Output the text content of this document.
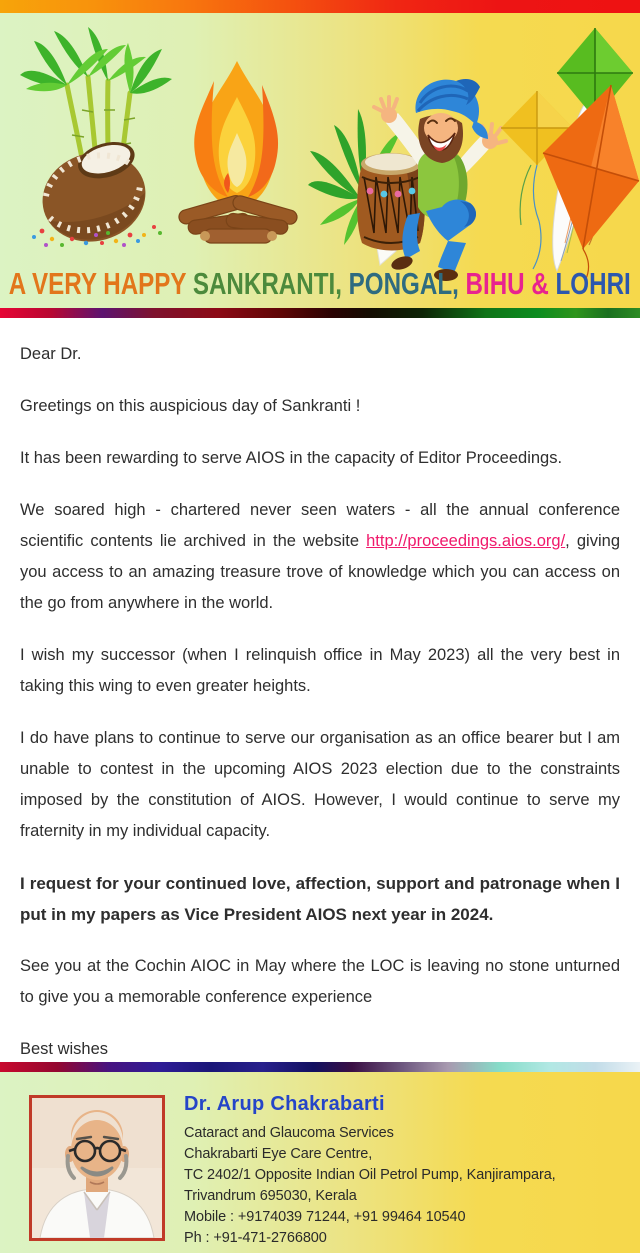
A VERY HAPPY SANKRANTI, PONGAL, BIHU & LOHRI

Dear Dr.

Greetings on this auspicious day of Sankranti !

It has been rewarding to serve AIOS in the capacity of Editor Proceedings.

We soared high - chartered never seen waters - all the annual conference scientific contents lie archived in the website http://proceedings.aios.org/, giving you access to an amazing treasure trove of knowledge which you can access on the go from anywhere in the world.

I wish my successor (when I relinquish office in May 2023) all the very best in taking this wing to even greater heights.

I do have plans to continue to serve our organisation as an office bearer but I am unable to contest in the upcoming AIOS 2023 election due to the constraints imposed by the constitution of AIOS. However, I would continue to serve my fraternity in my individual capacity.

I request for your continued love, affection, support and patronage when I put in my papers as Vice President AIOS next year in 2024.

See you at the Cochin AIOC in May where the LOC is leaving no stone unturned to give you a memorable conference experience

Best wishes

Dr. Arup Chakrabarti
Cataract and Glaucoma Services
Chakrabarti Eye Care Centre,
TC 2402/1 Opposite Indian Oil Petrol Pump, Kanjirampara,
Trivandrum 695030, Kerala
Mobile : +9174039 71244, +91 99464 10540
Ph : +91-471-2766800
